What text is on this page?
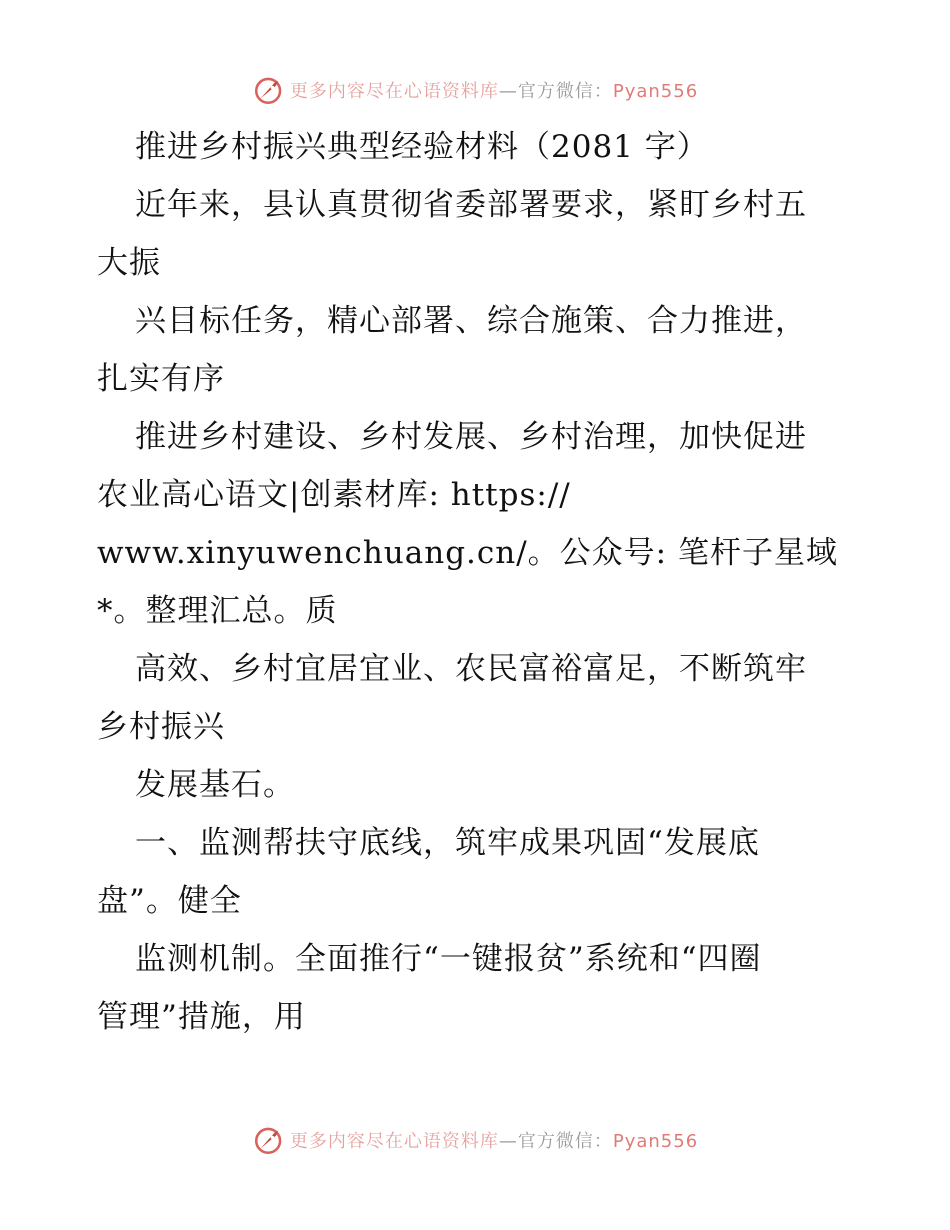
更多内容尽在心语资料库—官方微信：Pyan556

推进乡村振兴典型经验材料（2081 字）

近年来，县认真贯彻省委部署要求，紧盯乡村五

大振

兴目标任务，精心部署、综合施策、合力推进，

扎实有序

推进乡村建设、乡村发展、乡村治理，加快促进

农业高心语文|创素材库: https://

www.xinyuwenchuang.cn/。公众号: 笔杆子星域

*。整理汇总。质

高效、乡村宜居宜业、农民富裕富足，不断筑牢

乡村振兴

发展基石。

一、监测帮扶守底线，筑牢成果巩固“发展底

盘”。健全

监测机制。全面推行“一键报贫”系统和“四圈

管理”措施，用

更多内容尽在心语资料库—官方微信：Pyan556
